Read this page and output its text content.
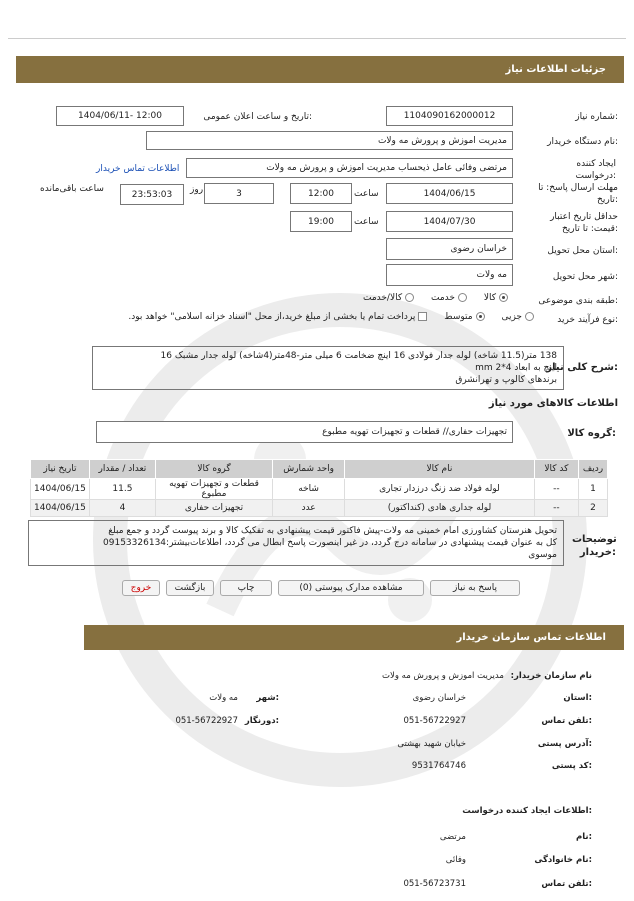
جزئیات اطلاعات نیاز
شماره نیاز:
1104090162000012
تاریخ و ساعت اعلان عمومی:
1404/06/11- 12:00
نام دستگاه خریدار:
مدیریت اموزش و پرورش مه ولات
ایجاد کننده درخواست:
مرتضی وفائی عامل ذیحساب مدیریت اموزش و پرورش مه ولات
اطلاعات تماس خریدار
مهلت ارسال پاسخ: تا تاریخ:
1404/06/15
ساعت
12:00
3
روز
23:53:03
ساعت باقی‌مانده
حداقل تاریخ اعتبار قیمت: تا تاریخ:
1404/07/30
ساعت
19:00
استان محل تحویل:
خراسان رضوی
شهر محل تحویل:
مه ولات
طبقه بندی موضوعی:
کالا خدمت کالا/خدمت
نوع فرآیند خرید:
جزیی متوسط پرداخت تمام یا بخشی از مبلغ خرید،از محل "اسناد خزانه اسلامی" خواهد بود.
شرح کلی نیاز:
138 متر(11.5 شاخه) لوله جدار فولادی 16 اینچ ضخامت 6 میلی متر-48متر(4شاخه) لوله جدار مشبک 16
اینچ به ابعاد 4*2 mm
برندهای کالوپ و تهرانشرق
اطلاعات کالاهای مورد نیاز
گروه کالا:
تجهیزات حفاری// قطعات و تجهیزات تهویه مطبوع
ردیف	کد کالا	نام کالا	واحد شمارش	گروه کالا	تعداد / مقدار	تاریخ نیاز
1	--	لوله فولاد ضد زنگ درزدار تجاری	شاخه	قطعات و تجهیزات تهویه مطبوع	11.5	1404/06/15
2	--	لوله جداری هادی (کنداکتور)	عدد	تجهیزات حفاری	4	1404/06/15
توضیحات خریدار:
تحویل هنرستان کشاورزی امام خمینی مه ولات-پیش فاکتور قیمت پیشنهادی به تفکیک کالا و برند پیوست گردد و جمع مبلغ
کل به عنوان قیمت پیشنهادی در سامانه درج گردد، در غیر اینصورت پاسخ ابطال می گردد، اطلاعات‌بیشتر:09153326134
موسوی
پاسخ به نیاز
مشاهده مدارک پیوستی (0)
چاپ
بازگشت
خروج
اطلاعات تماس سازمان خریدار
نام سازمان خریدار: مدیریت اموزش و پرورش مه ولات
استان:
خراسان رضوی
شهر:
مه ولات
تلفن تماس:
051-56722927
دورنگار:
051-56722927
آدرس پستی:
خیابان شهید بهشتی
کد پستی:
9531764746
اطلاعات ایجاد کننده درخواست:
نام:
مرتضی
نام خانوادگی:
وفائی
تلفن تماس:
051-56723731
